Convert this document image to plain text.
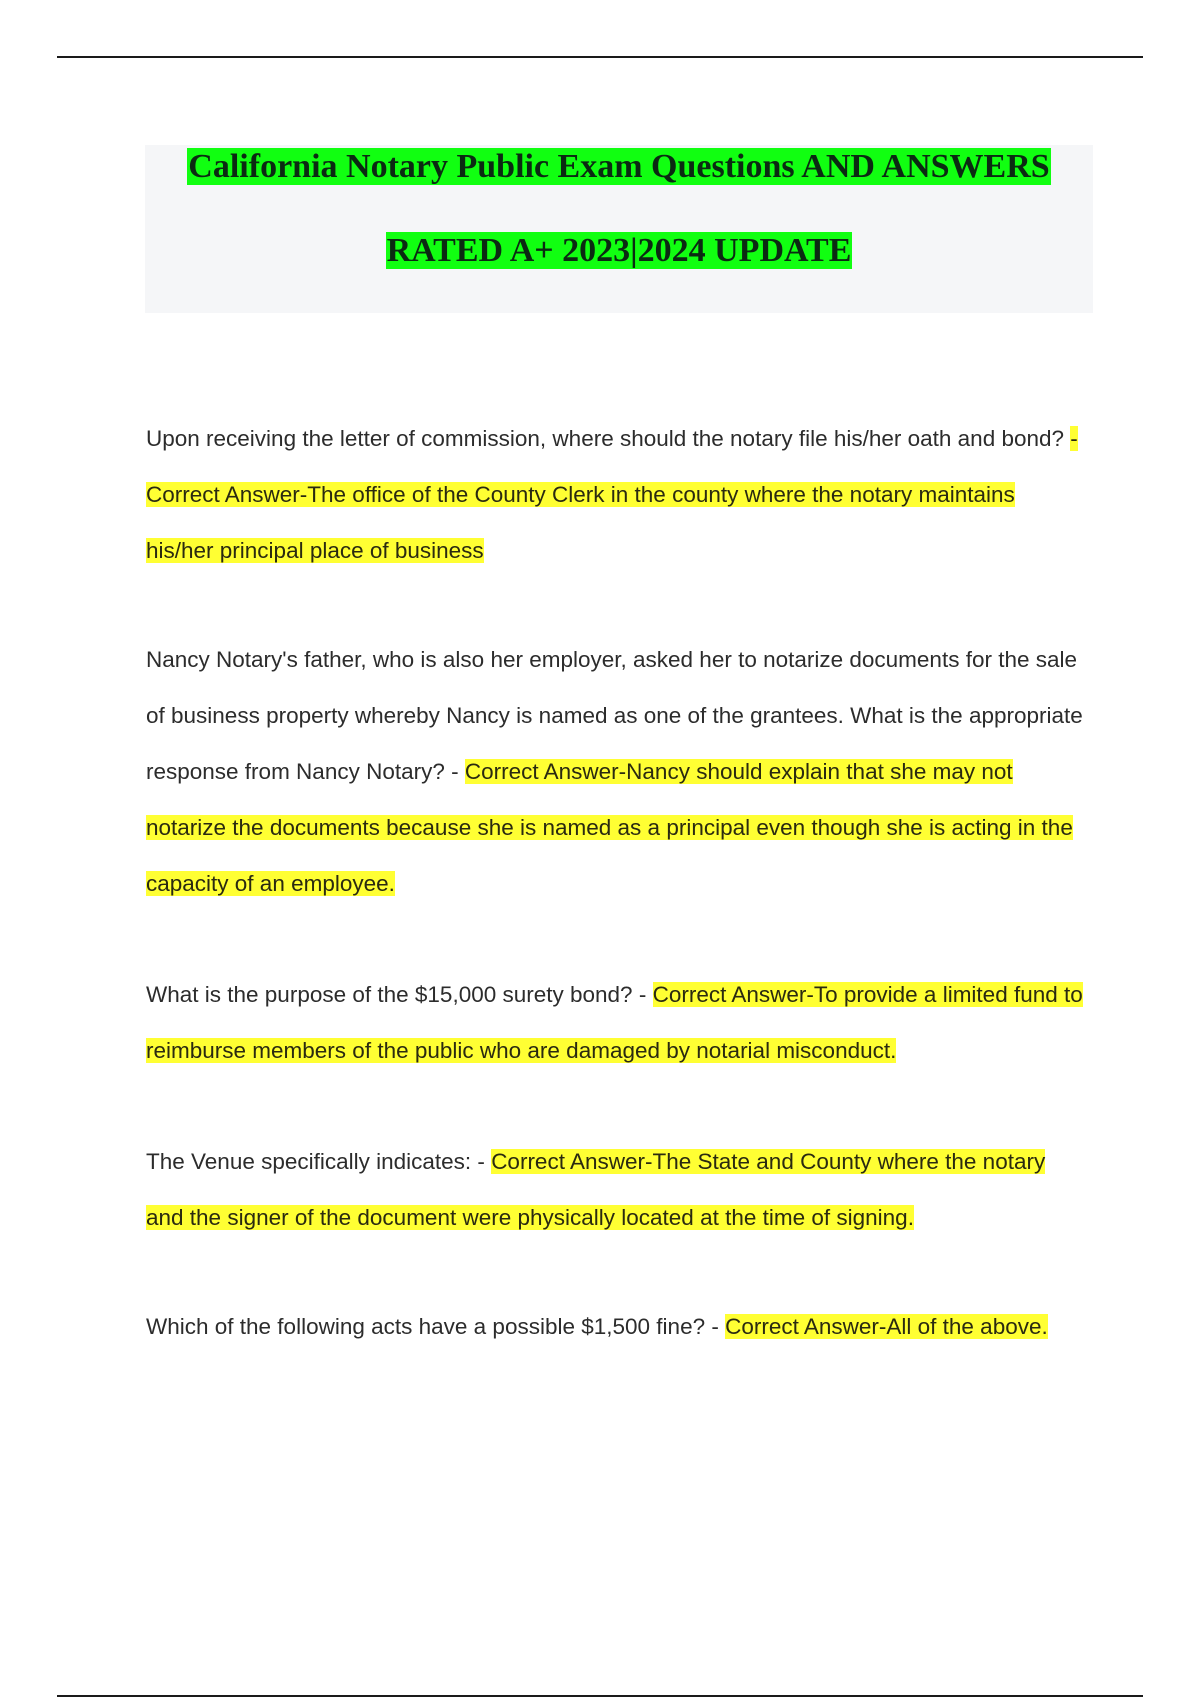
California Notary Public Exam Questions AND ANSWERS
RATED A+ 2023|2024 UPDATE

Upon receiving the letter of commission, where should the notary file his/her oath and bond? - Correct Answer-The office of the County Clerk in the county where the notary maintains his/her principal place of business

Nancy Notary's father, who is also her employer, asked her to notarize documents for the sale of business property whereby Nancy is named as one of the grantees. What is the appropriate response from Nancy Notary? - Correct Answer-Nancy should explain that she may not notarize the documents because she is named as a principal even though she is acting in the capacity of an employee.

What is the purpose of the $15,000 surety bond? - Correct Answer-To provide a limited fund to reimburse members of the public who are damaged by notarial misconduct.

The Venue specifically indicates: - Correct Answer-The State and County where the notary and the signer of the document were physically located at the time of signing.

Which of the following acts have a possible $1,500 fine? - Correct Answer-All of the above.
